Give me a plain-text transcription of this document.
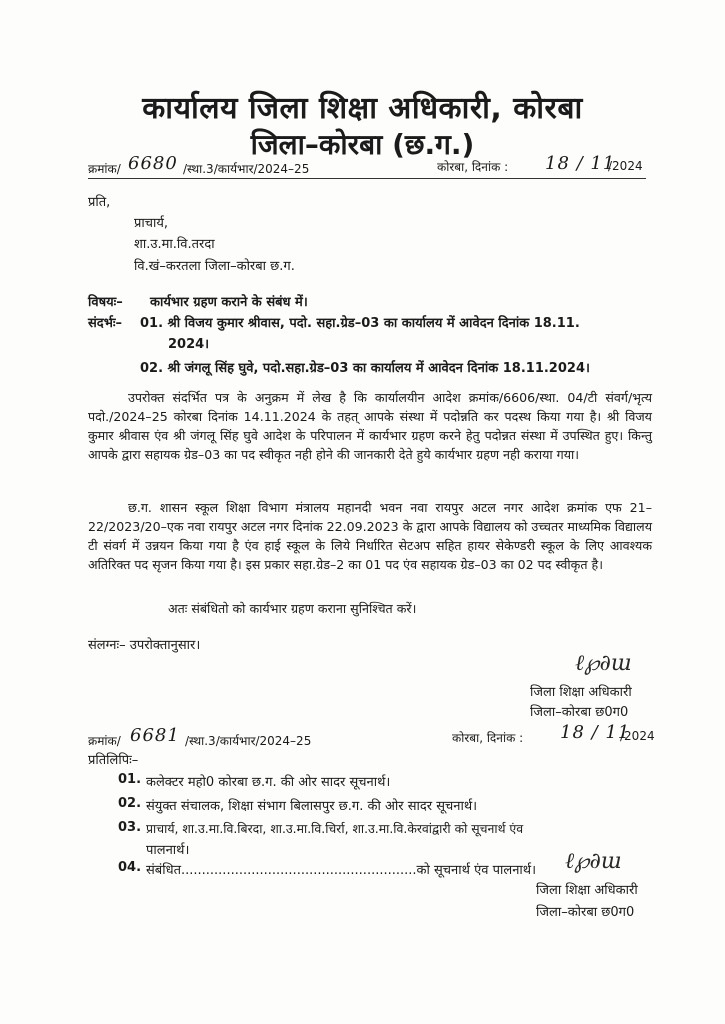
कार्यालय जिला शिक्षा अधिकारी, कोरबा
जिला–कोरबा (छ.ग.)
क्रमांक/ 6680 /स्था.3/कार्यभार/2024–25	कोरबा, दिनांक : 18 / 11
/2024
प्रति,
प्राचार्य,
शा.उ.मा.वि.तरदा
वि.खं–करतला जिला–कोरबा छ.ग.
विषयः– कार्यभार ग्रहण कराने के संबंध में।
संदर्भः– 01. श्री विजय कुमार श्रीवास, पदो. सहा.ग्रेड–03 का कार्यालय में आवेदन दिनांक 18.11.
2024।
02. श्री जंगलू सिंह घुवे, पदो.सहा.ग्रेड–03 का कार्यालय में आवेदन दिनांक 18.11.2024।
उपरोक्त संदर्भित पत्र के अनुक्रम में लेख है कि कार्यालयीन आदेश क्रमांक/6606/स्था. 04/टी संवर्ग/भृत्य पदो./2024–25 कोरबा दिनांक 14.11.2024 के तहत् आपके संस्था में पदोन्नति कर पदस्थ किया गया है। श्री विजय कुमार श्रीवास एंव श्री जंगलू सिंह घुवे आदेश के परिपालन में कार्यभार ग्रहण करने हेतु पदोन्नत संस्था में उपस्थित हुए। किन्तु आपके द्वारा सहायक ग्रेड–03 का पद स्वीकृत नही होने की जानकारी देते हुये कार्यभार ग्रहण नही कराया गया।
छ.ग. शासन स्कूल शिक्षा विभाग मंत्रालय महानदी भवन नवा रायपुर अटल नगर आदेश क्रमांक एफ 21–22/2023/20–एक नवा रायपुर अटल नगर दिनांक 22.09.2023 के द्वारा आपके विद्यालय को उच्चतर माध्यमिक विद्यालय टी संवर्ग में उन्नयन किया गया है एंव हाई स्कूल के लिये निर्धारित सेटअप सहित हायर सेकेण्डरी स्कूल के लिए आवश्यक अतिरिक्त पद सृजन किया गया है। इस प्रकार सहा.ग्रेड–2 का 01 पद एंव सहायक ग्रेड–03 का 02 पद स्वीकृत है।
अतः संबंधितो को कार्यभार ग्रहण कराना सुनिश्चित करें।
संलग्नः– उपरोक्तानुसार।
ℓ℘∂ɯ
जिला शिक्षा अधिकारी
जिला–कोरबा छ0ग0
क्रमांक/ 6681 /स्था.3/कार्यभार/2024–25	कोरबा, दिनांक : 18 / 11
/2024
प्रतिलिपिः–
01. कलेक्टर महो0 कोरबा छ.ग. की ओर सादर सूचनार्थ।
02. संयुक्त संचालक, शिक्षा संभाग बिलासपुर छ.ग. की ओर सादर सूचनार्थ।
03. प्राचार्य, शा.उ.मा.वि.बिरदा, शा.उ.मा.वि.चिर्रा, शा.उ.मा.वि.केरवांद्वारी को सूचनार्थ एंव
पालनार्थ।
04. संबंधित.........................................................को सूचनार्थ एंव पालनार्थ। ℓ℘∂ɯ
जिला शिक्षा अधिकारी
जिला–कोरबा छ0ग0
